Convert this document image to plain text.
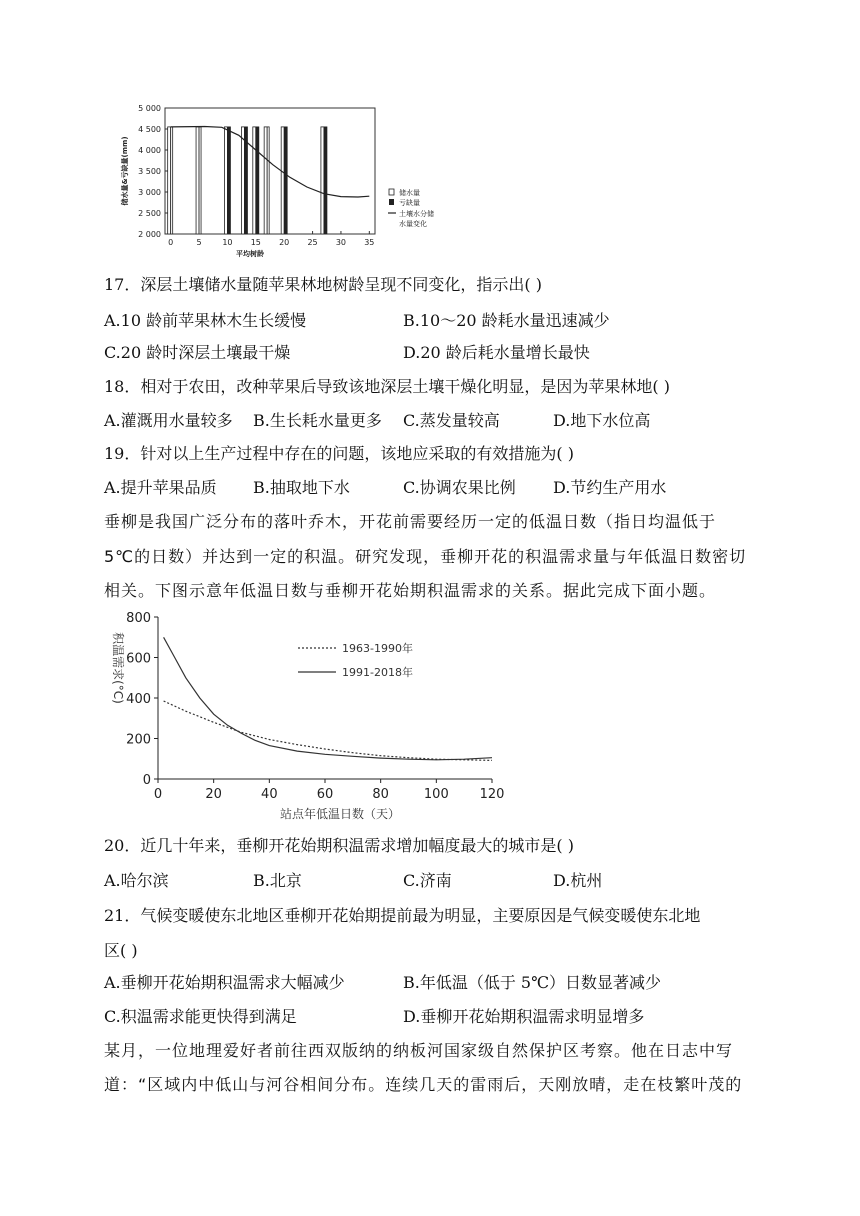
2 000
2 500
3 000
3 500
4 000
4 500
5 000
0	5	10 15 20 25 30 35
平均树龄
储水量&亏缺量(mm)	储水量
亏缺量
土壤水分储
水量变化
17．深层土壤储水量随苹果林地树龄呈现不同变化，指示出( )
A.10 龄前苹果林木生长缓慢	B.10～20 龄耗水量迅速减少
C.20 龄时深层土壤最干燥	D.20 龄后耗水量增长最快
18．相对于农田，改种苹果后导致该地深层土壤干燥化明显，是因为苹果林地( )
A.灌溉用水量较多 B.生长耗水量更多 C.蒸发量较高	D.地下水位高
19．针对以上生产过程中存在的问题，该地应采取的有效措施为( )
A.提升苹果品质 B.抽取地下水	C.协调农果比例 D.节约生产用水
垂柳是我国广泛分布的落叶乔木，开花前需要经历一定的低温日数（指日均温低于
5℃的日数）并达到一定的积温。研究发现，垂柳开花的积温需求量与年低温日数密切
相关。下图示意年低温日数与垂柳开花始期积温需求的关系。据此完成下面小题。
0	20	40	60	80	100 120
0
200
400
600
800
站点年低温日数（天）
积温需求(°C)	1963-1990年
1991-2018年
20．近几十年来，垂柳开花始期积温需求增加幅度最大的城市是( )
A.哈尔滨	B.北京	C.济南	D.杭州
21．气候变暖使东北地区垂柳开花始期提前最为明显，主要原因是气候变暖使东北地
区( )
A.垂柳开花始期积温需求大幅减少	B.年低温（低于 5℃）日数显著减少
C.积温需求能更快得到满足	D.垂柳开花始期积温需求明显增多
某月，一位地理爱好者前往西双版纳的纳板河国家级自然保护区考察。他在日志中写
道：“区域内中低山与河谷相间分布。连续几天的雷雨后，天刚放晴，走在枝繁叶茂的
